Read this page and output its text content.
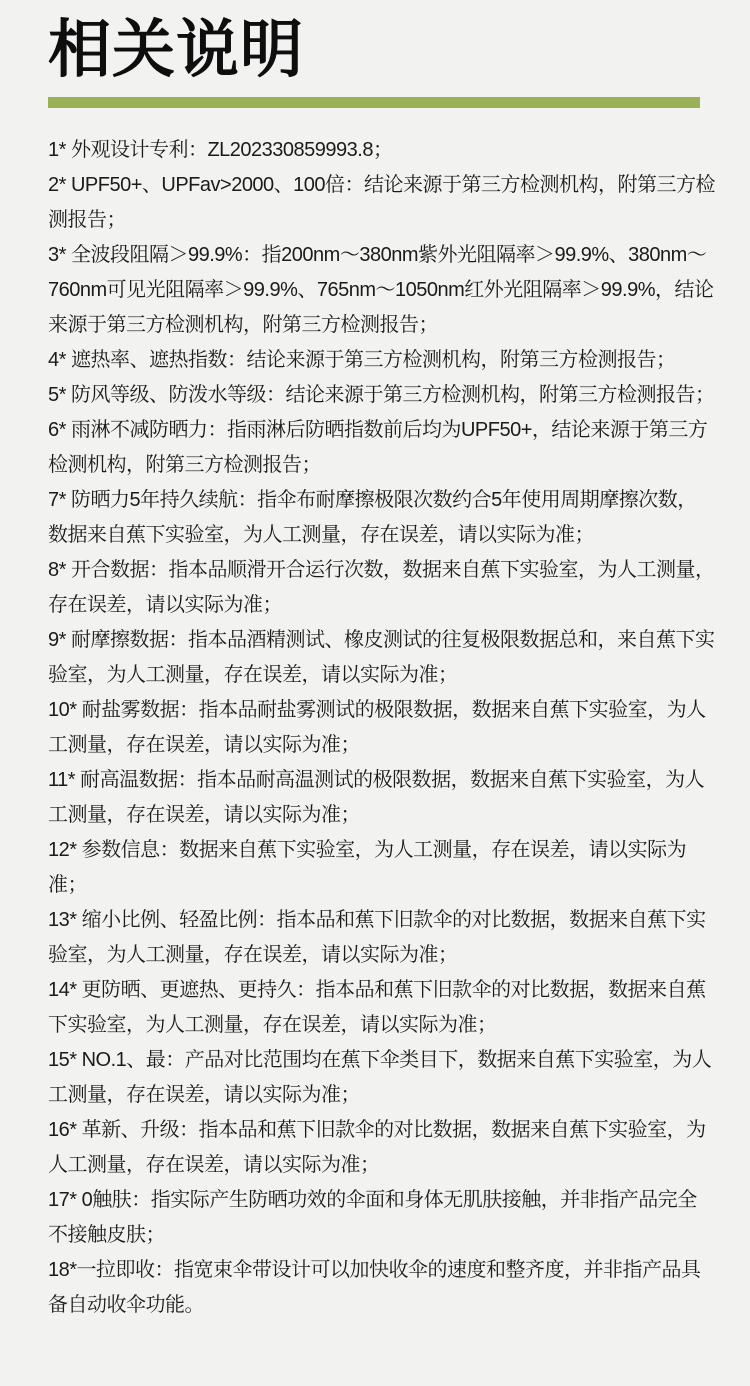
相关说明

1* 外观设计专利：ZL202330859993.8；

2* UPF50+、UPFav>2000、100倍：结论来源于第三方检测机构，附第三方检测报告；

3* 全波段阻隔＞99.9%：指200nm～380nm紫外光阻隔率＞99.9%、380nm～760nm可见光阻隔率＞99.9%、765nm～1050nm红外光阻隔率＞99.9%，结论来源于第三方检测机构，附第三方检测报告；

4* 遮热率、遮热指数：结论来源于第三方检测机构，附第三方检测报告；

5* 防风等级、防泼水等级：结论来源于第三方检测机构，附第三方检测报告；

6* 雨淋不减防晒力：指雨淋后防晒指数前后均为UPF50+，结论来源于第三方检测机构，附第三方检测报告；

7* 防晒力5年持久续航：指伞布耐摩擦极限次数约合5年使用周期摩擦次数，数据来自蕉下实验室，为人工测量，存在误差，请以实际为准；

8* 开合数据：指本品顺滑开合运行次数，数据来自蕉下实验室，为人工测量，存在误差，请以实际为准；

9* 耐摩擦数据：指本品酒精测试、橡皮测试的往复极限数据总和，来自蕉下实验室，为人工测量，存在误差，请以实际为准；

10* 耐盐雾数据：指本品耐盐雾测试的极限数据，数据来自蕉下实验室，为人工测量，存在误差，请以实际为准；

11* 耐高温数据：指本品耐高温测试的极限数据，数据来自蕉下实验室，为人工测量，存在误差，请以实际为准；

12* 参数信息：数据来自蕉下实验室，为人工测量，存在误差，请以实际为准；

13* 缩小比例、轻盈比例：指本品和蕉下旧款伞的对比数据，数据来自蕉下实验室，为人工测量，存在误差，请以实际为准；

14* 更防晒、更遮热、更持久：指本品和蕉下旧款伞的对比数据，数据来自蕉下实验室，为人工测量，存在误差，请以实际为准；

15* NO.1、最：产品对比范围均在蕉下伞类目下，数据来自蕉下实验室，为人工测量，存在误差，请以实际为准；

16* 革新、升级：指本品和蕉下旧款伞的对比数据，数据来自蕉下实验室，为人工测量，存在误差，请以实际为准；

17* 0触肤：指实际产生防晒功效的伞面和身体无肌肤接触，并非指产品完全不接触皮肤；

18*一拉即收：指宽束伞带设计可以加快收伞的速度和整齐度，并非指产品具备自动收伞功能。
